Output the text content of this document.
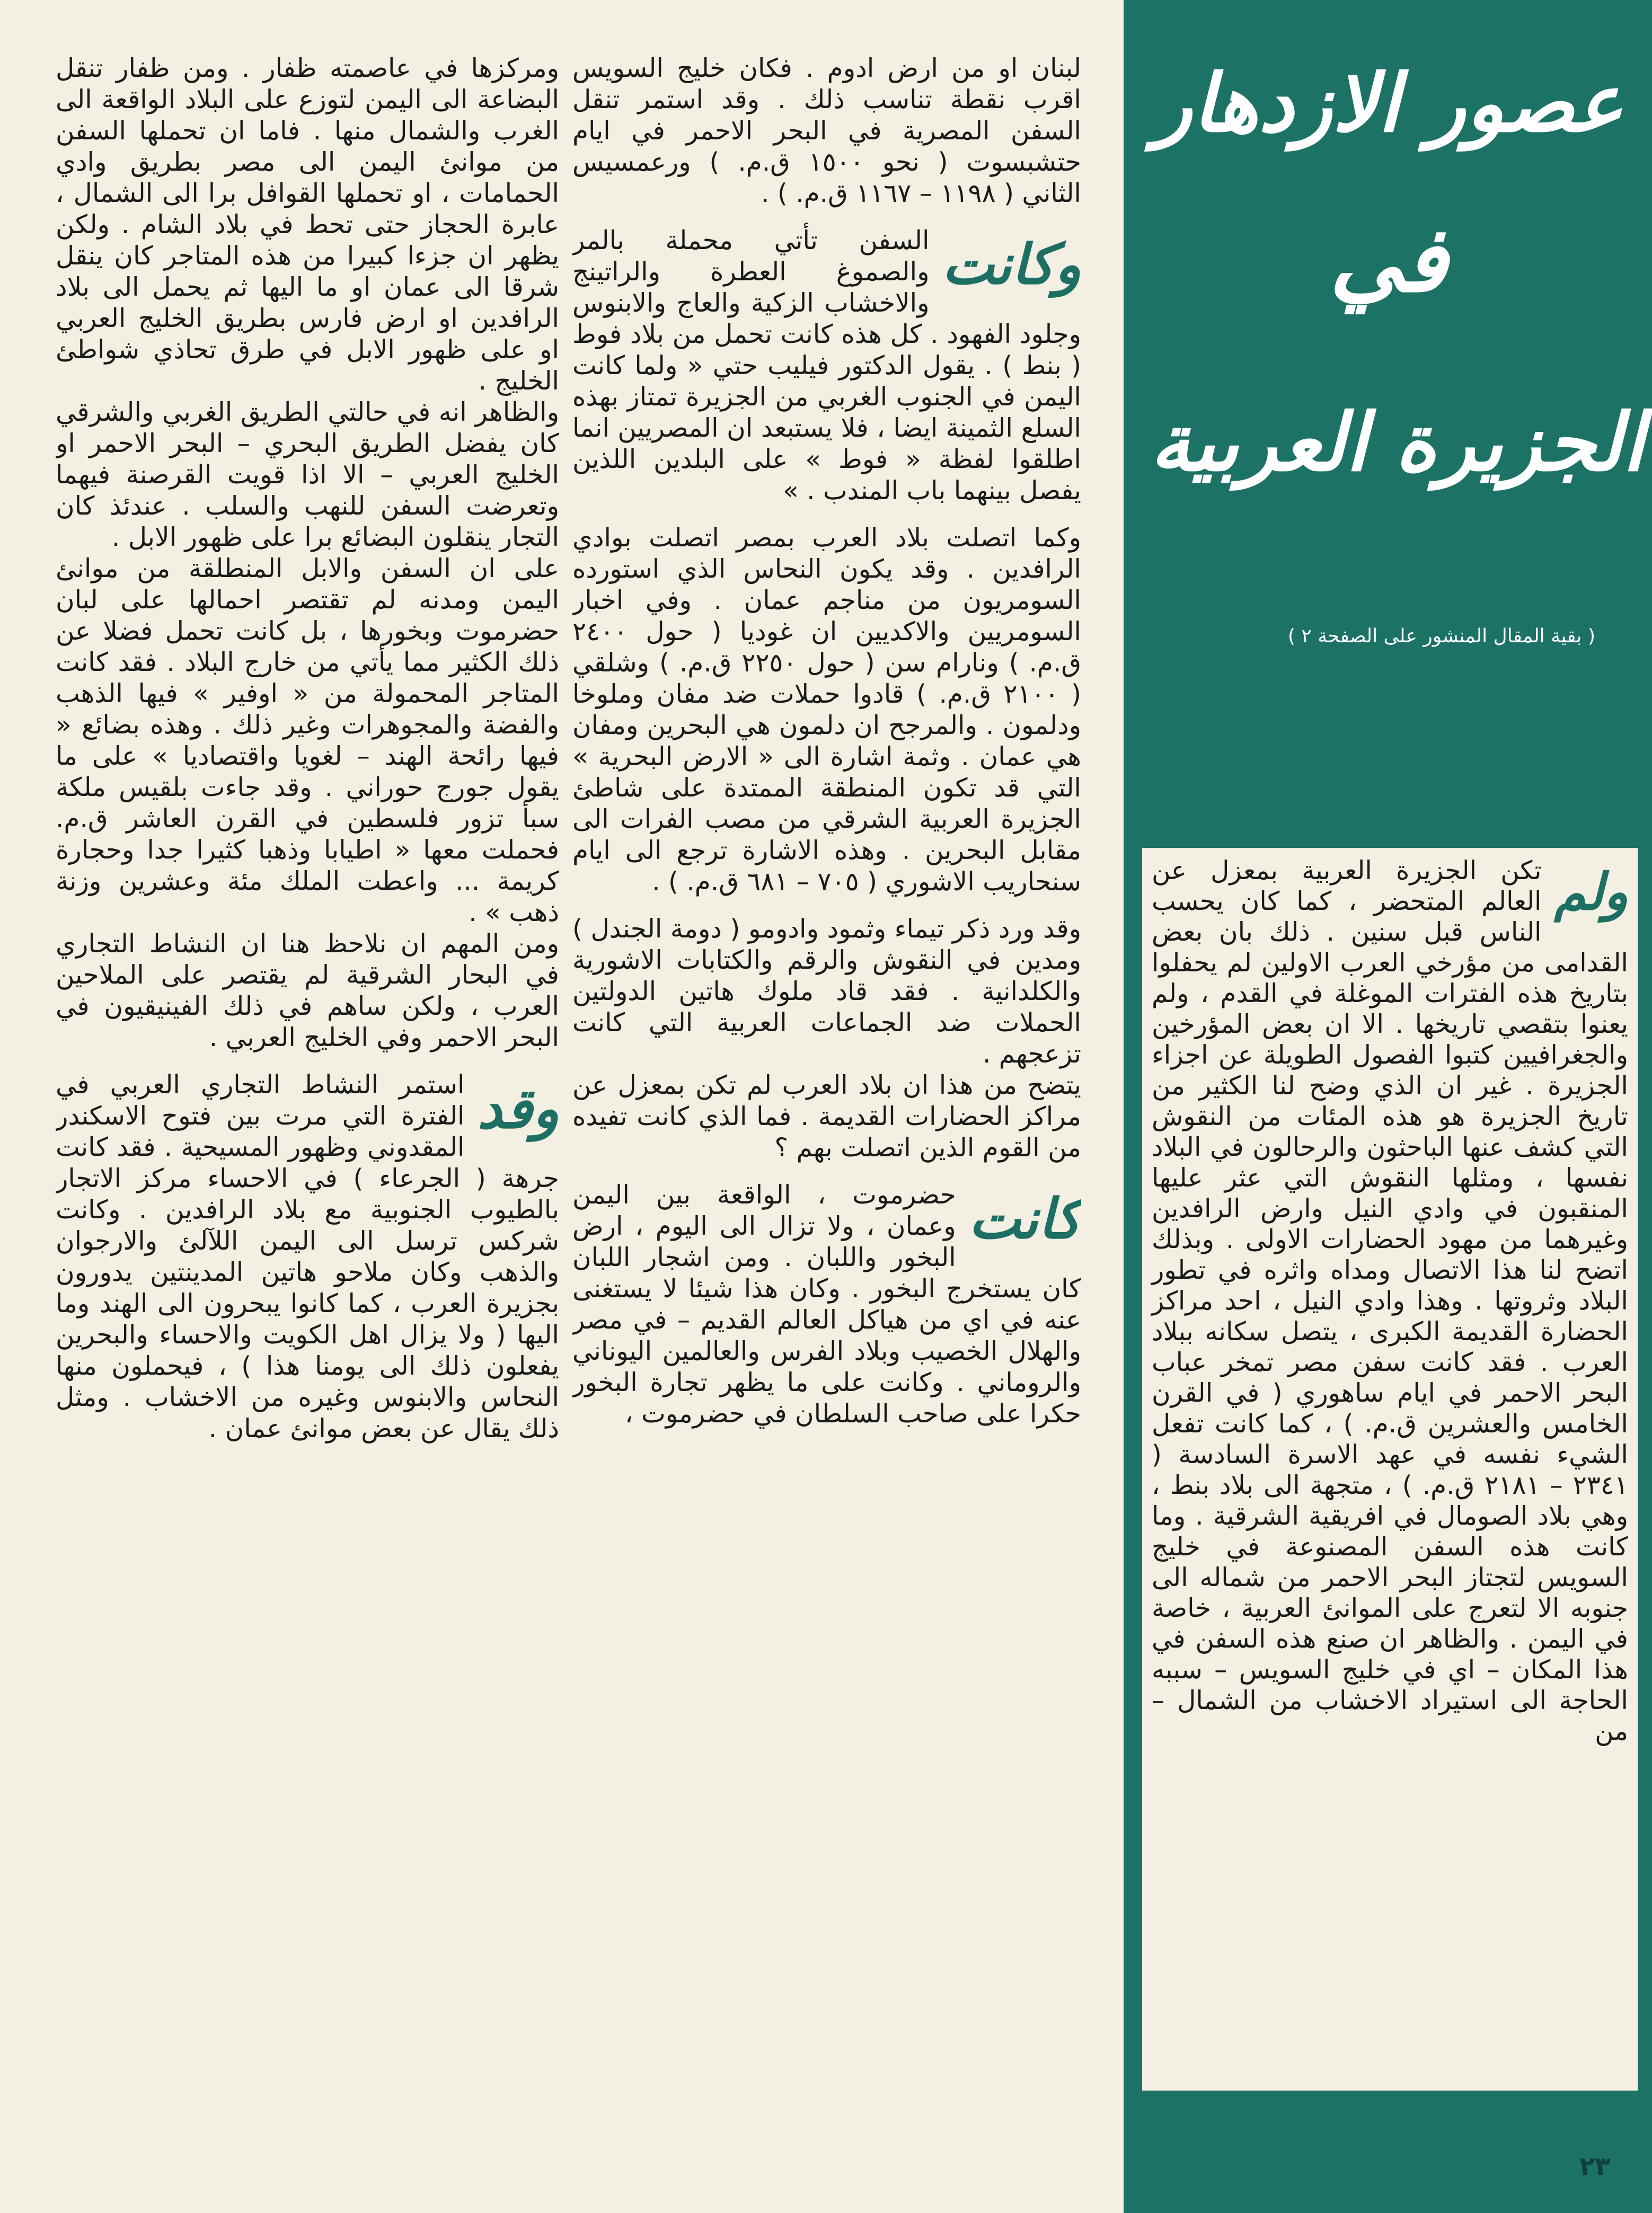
عصور الازدهار
في
الجزيرة العربية
( بقية المقال المنشور على الصفحة ٢ )
ولم
تكن الجزيرة العربية بمعزل عن العالم المتحضر ، كما كان يحسب الناس قبل سنين . ذلك بان بعض القدامى من مؤرخي العرب الاولين لم يحفلوا بتاريخ هذه الفترات الموغلة في القدم ، ولم يعنوا بتقصي تاريخها . الا ان بعض المؤرخين والجغرافيين كتبوا الفصول الطويلة عن اجزاء الجزيرة . غير ان الذي وضح لنا الكثير من تاريخ الجزيرة هو هذه المئات من النقوش التي كشف عنها الباحثون والرحالون في البلاد نفسها ، ومثلها النقوش التي عثر عليها المنقبون في وادي النيل وارض الرافدين وغيرهما من مهود الحضارات الاولى . وبذلك اتضح لنا هذا الاتصال ومداه واثره في تطور البلاد وثروتها . وهذا وادي النيل ، احد مراكز الحضارة القديمة الكبرى ، يتصل سكانه ببلاد العرب . فقد كانت سفن مصر تمخر عباب البحر الاحمر في ايام ساهوري ( في القرن الخامس والعشرين ق.م. ) ، كما كانت تفعل الشيء نفسه في عهد الاسرة السادسة ( ٢٣٤١ – ٢١٨١ ق.م. ) ، متجهة الى بلاد بنط ، وهي بلاد الصومال في افريقية الشرقية . وما كانت هذه السفن المصنوعة في خليج السويس لتجتاز البحر الاحمر من شماله الى جنوبه الا لتعرج على الموانئ العربية ، خاصة في اليمن . والظاهر ان صنع هذه السفن في هذا المكان – اي في خليج السويس – سببه الحاجة الى استيراد الاخشاب من الشمال – من

لبنان او من ارض ادوم . فكان خليج السويس اقرب نقطة تناسب ذلك . وقد استمر تنقل السفن المصرية في البحر الاحمر في ايام حتشبسوت ( نحو ١٥٠٠ ق.م. ) ورعمسيس الثاني ( ١١٩٨ – ١١٦٧ ق.م. ) .

وكانت
السفن تأتي محملة بالمر والصموغ العطرة والراتينج والاخشاب الزكية والعاج والابنوس وجلود الفهود . كل هذه كانت تحمل من بلاد فوط ( بنط ) . يقول الدكتور فيليب حتي « ولما كانت اليمن في الجنوب الغربي من الجزيرة تمتاز بهذه السلع الثمينة ايضا ، فلا يستبعد ان المصريين انما اطلقوا لفظة « فوط » على البلدين اللذين يفصل بينهما باب المندب . »

وكما اتصلت بلاد العرب بمصر اتصلت بوادي الرافدين . وقد يكون النحاس الذي استورده السومريون من مناجم عمان . وفي اخبار السومريين والاكديين ان غوديا ( حول ٢٤٠٠ ق.م. ) ونارام سن ( حول ٢٢٥٠ ق.م. ) وشلقي ( ٢١٠٠ ق.م. ) قادوا حملات ضد مفان وملوخا ودلمون . والمرجح ان دلمون هي البحرين ومفان هي عمان . وثمة اشارة الى « الارض البحرية » التي قد تكون المنطقة الممتدة على شاطئ الجزيرة العربية الشرقي من مصب الفرات الى مقابل البحرين . وهذه الاشارة ترجع الى ايام سنحاريب الاشوري ( ٧٠٥ – ٦٨١ ق.م. ) .

وقد ورد ذكر تيماء وثمود وادومو ( دومة الجندل ) ومدين في النقوش والرقم والكتابات الاشورية والكلدانية . فقد قاد ملوك هاتين الدولتين الحملات ضد الجماعات العربية التي كانت تزعجهم .

يتضح من هذا ان بلاد العرب لم تكن بمعزل عن مراكز الحضارات القديمة . فما الذي كانت تفيده من القوم الذين اتصلت بهم ؟

كانت
حضرموت ، الواقعة بين اليمن وعمان ، ولا تزال الى اليوم ، ارض البخور واللبان . ومن اشجار اللبان كان يستخرج البخور . وكان هذا شيئا لا يستغنى عنه في اي من هياكل العالم القديم – في مصر والهلال الخصيب وبلاد الفرس والعالمين اليوناني والروماني . وكانت على ما يظهر تجارة البخور حكرا على صاحب السلطان في حضرموت ،

ومركزها في عاصمته ظفار . ومن ظفار تنقل البضاعة الى اليمن لتوزع على البلاد الواقعة الى الغرب والشمال منها . فاما ان تحملها السفن من موانئ اليمن الى مصر بطريق وادي الحمامات ، او تحملها القوافل برا الى الشمال ، عابرة الحجاز حتى تحط في بلاد الشام . ولكن يظهر ان جزءا كبيرا من هذه المتاجر كان ينقل شرقا الى عمان او ما اليها ثم يحمل الى بلاد الرافدين او ارض فارس بطريق الخليج العربي او على ظهور الابل في طرق تحاذي شواطئ الخليج .

والظاهر انه في حالتي الطريق الغربي والشرقي كان يفضل الطريق البحري – البحر الاحمر او الخليج العربي – الا اذا قويت القرصنة فيهما وتعرضت السفن للنهب والسلب . عندئذ كان التجار ينقلون البضائع برا على ظهور الابل .

على ان السفن والابل المنطلقة من موانئ اليمن ومدنه لم تقتصر احمالها على لبان حضرموت وبخورها ، بل كانت تحمل فضلا عن ذلك الكثير مما يأتي من خارج البلاد . فقد كانت المتاجر المحمولة من « اوفير » فيها الذهب والفضة والمجوهرات وغير ذلك . وهذه بضائع « فيها رائحة الهند – لغويا واقتصاديا » على ما يقول جورج حوراني . وقد جاءت بلقيس ملكة سبأ تزور فلسطين في القرن العاشر ق.م. فحملت معها « اطيابا وذهبا كثيرا جدا وحجارة كريمة ... واعطت الملك مئة وعشرين وزنة ذهب » .

ومن المهم ان نلاحظ هنا ان النشاط التجاري في البحار الشرقية لم يقتصر على الملاحين العرب ، ولكن ساهم في ذلك الفينيقيون في البحر الاحمر وفي الخليج العربي .

وقد
استمر النشاط التجاري العربي في الفترة التي مرت بين فتوح الاسكندر المقدوني وظهور المسيحية . فقد كانت جرهة ( الجرعاء ) في الاحساء مركز الاتجار بالطيوب الجنوبية مع بلاد الرافدين . وكانت شركس ترسل الى اليمن اللآلئ والارجوان والذهب وكان ملاحو هاتين المدينتين يدورون بجزيرة العرب ، كما كانوا يبحرون الى الهند وما اليها ( ولا يزال اهل الكويت والاحساء والبحرين يفعلون ذلك الى يومنا هذا ) ، فيحملون منها النحاس والابنوس وغيره من الاخشاب . ومثل ذلك يقال عن بعض موانئ عمان .

٢٣
